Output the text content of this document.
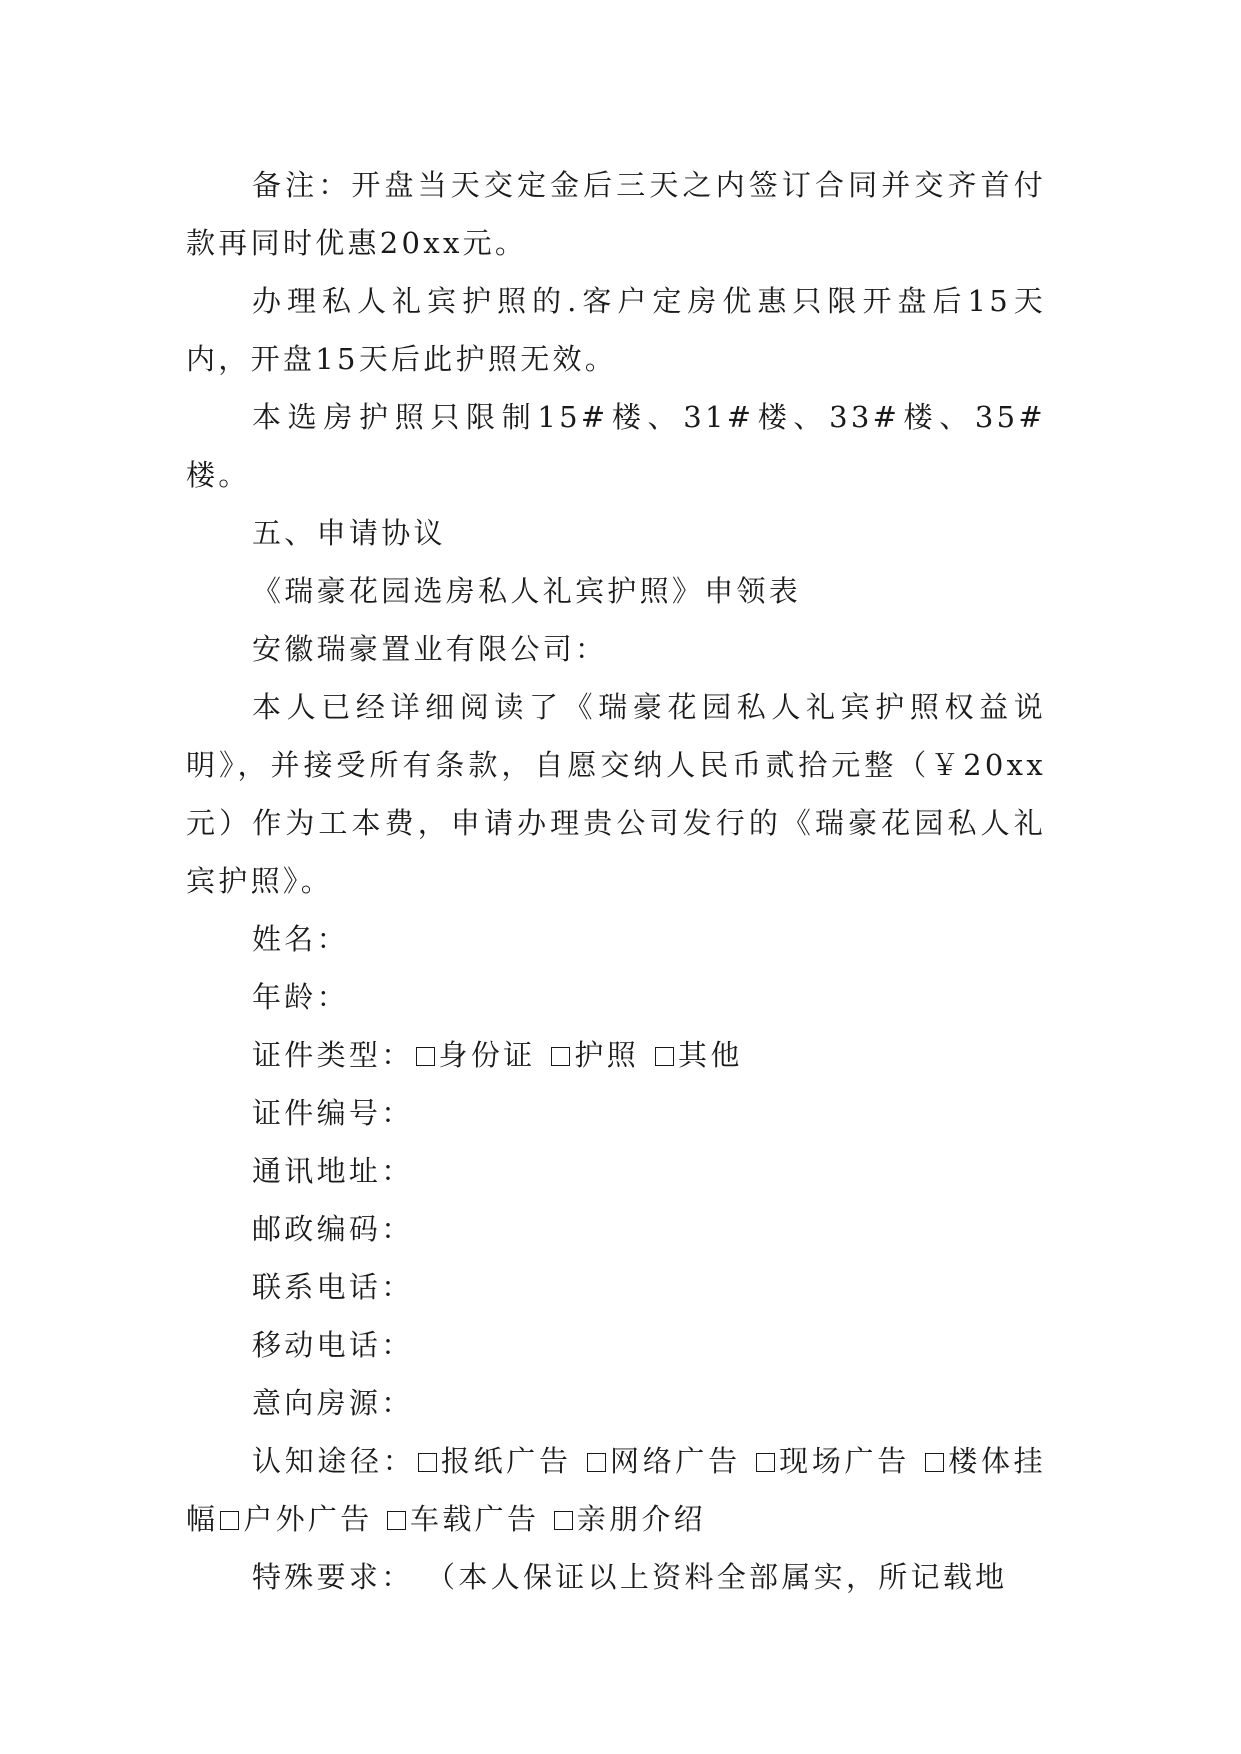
备注：开盘当天交定金后三天之内签订合同并交齐首付款再同时优惠20xx元。

办理私人礼宾护照的.客户定房优惠只限开盘后15天内，开盘15天后此护照无效。

本选房护照只限制15#楼、31#楼、33#楼、35#楼。

五、申请协议

《瑞豪花园选房私人礼宾护照》申领表

安徽瑞豪置业有限公司：

本人已经详细阅读了《瑞豪花园私人礼宾护照权益说明》，并接受所有条款，自愿交纳人民币贰拾元整（￥20xx元）作为工本费，申请办理贵公司发行的《瑞豪花园私人礼宾护照》。

姓名：

年龄：

证件类型： 身份证 护照 其他

证件编号：

通讯地址：

邮政编码：

联系电话：

移动电话：

意向房源：

认知途径： 报纸广告 网络广告 现场广告 楼体挂幅 户外广告 车载广告 亲朋介绍

特殊要求： （本人保证以上资料全部属实，所记载地
